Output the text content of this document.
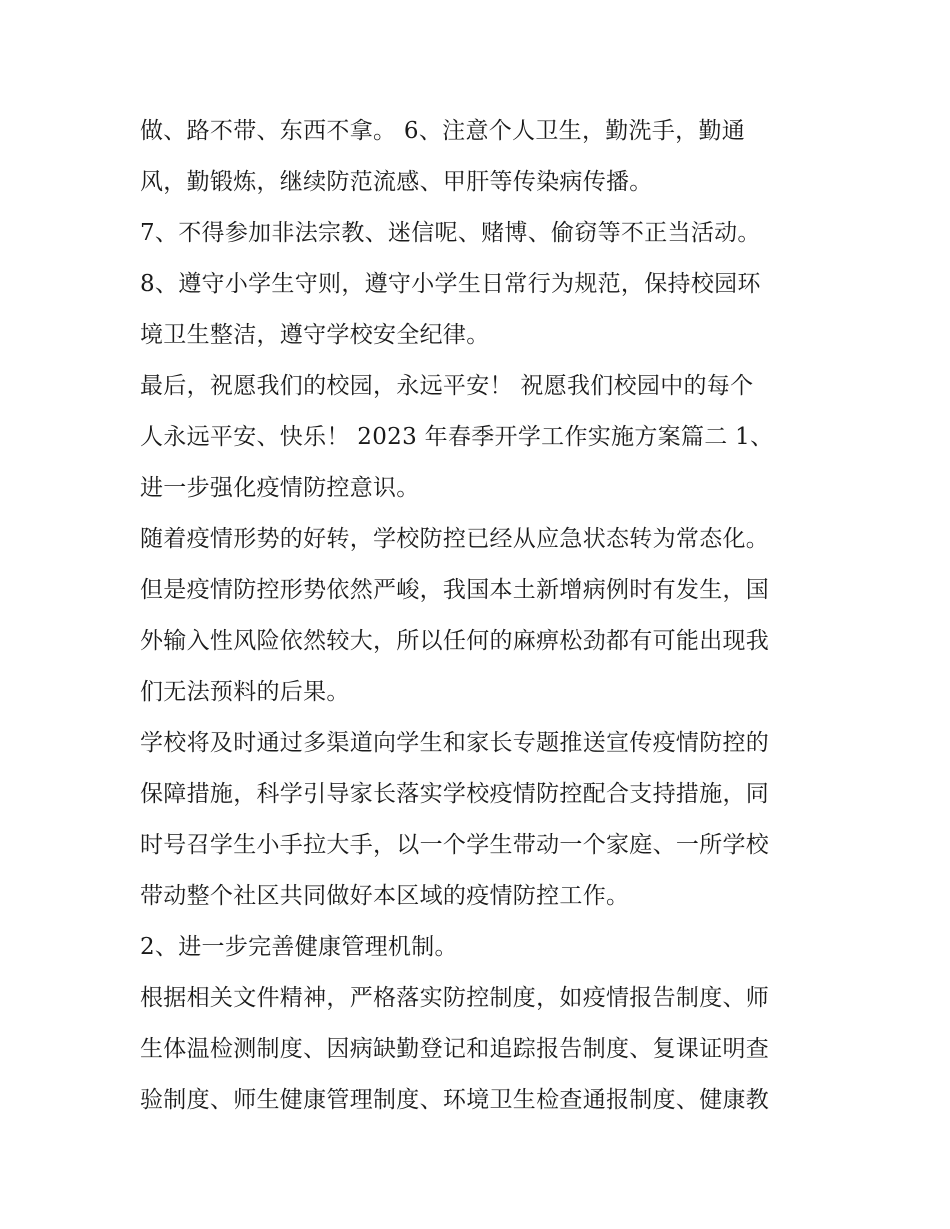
做、路不带、东西不拿。 6、注意个人卫生，勤洗手，勤通
风，勤锻炼，继续防范流感、甲肝等传染病传播。
7、不得参加非法宗教、迷信呢、赌博、偷窃等不正当活动。
8、遵守小学生守则，遵守小学生日常行为规范，保持校园环
境卫生整洁，遵守学校安全纪律。
最后，祝愿我们的校园，永远平安！ 祝愿我们校园中的每个
人永远平安、快乐！ 2023 年春季开学工作实施方案篇二 1、
进一步强化疫情防控意识。
随着疫情形势的好转，学校防控已经从应急状态转为常态化。
但是疫情防控形势依然严峻，我国本土新增病例时有发生，国
外输入性风险依然较大，所以任何的麻痹松劲都有可能出现我
们无法预料的后果。
学校将及时通过多渠道向学生和家长专题推送宣传疫情防控的
保障措施，科学引导家长落实学校疫情防控配合支持措施，同
时号召学生小手拉大手，以一个学生带动一个家庭、一所学校
带动整个社区共同做好本区域的疫情防控工作。
2、进一步完善健康管理机制。
根据相关文件精神，严格落实防控制度，如疫情报告制度、师
生体温检测制度、因病缺勤登记和追踪报告制度、复课证明查
验制度、师生健康管理制度、环境卫生检查通报制度、健康教
